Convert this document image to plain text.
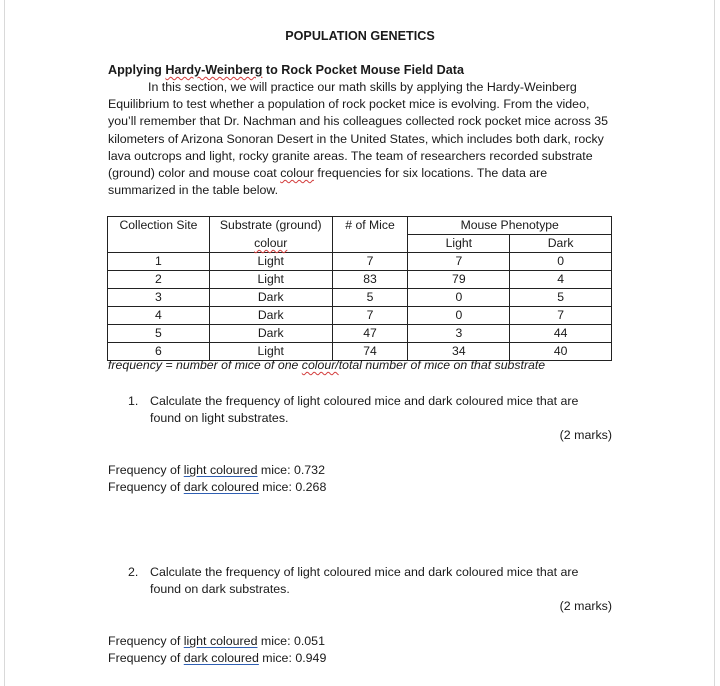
POPULATION GENETICS
Applying Hardy-Weinberg to Rock Pocket Mouse Field Data

In this section, we will practice our math skills by applying the Hardy-Weinberg Equilibrium to test whether a population of rock pocket mice is evolving. From the video, you’ll remember that Dr. Nachman and his colleagues collected rock pocket mice across 35 kilometers of Arizona Sonoran Desert in the United States, which includes both dark, rocky lava outcrops and light, rocky granite areas. The team of researchers recorded substrate (ground) color and mouse coat colour frequencies for six locations. The data are summarized in the table below.

Collection Site	Substrate (ground)	# of Mice	Mouse Phenotype	
	colour		Light	Dark
1	Light	7	7	0
2	Light	83	79	4
3	Dark	5	0	5
4	Dark	7	0	7
5	Dark	47	3	44
6	Light	74	34	40
frequency = number of mice of one colour/total number of mice on that substrate
1. Calculate the frequency of light coloured mice and dark coloured mice that are found on light substrates.
(2 marks)
Frequency of light coloured mice: 0.732
Frequency of dark coloured mice: 0.268
2. Calculate the frequency of light coloured mice and dark coloured mice that are found on dark substrates.
(2 marks)
Frequency of light coloured mice: 0.051
Frequency of dark coloured mice: 0.949
